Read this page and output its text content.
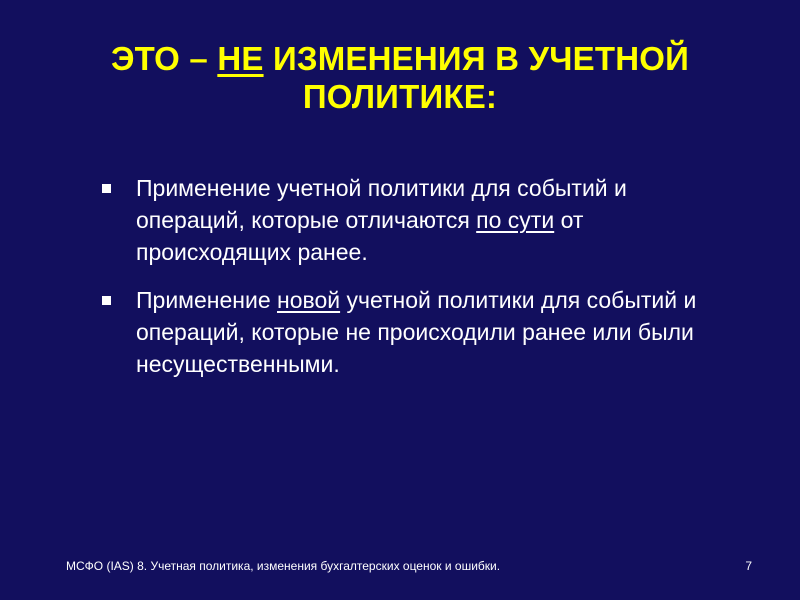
ЭТО – НЕ ИЗМЕНЕНИЯ В УЧЕТНОЙ ПОЛИТИКЕ:
Применение учетной политики для событий и операций, которые отличаются по сути от происходящих ранее.
Применение новой учетной политики для событий и операций, которые не происходили ранее или были несущественными.
МСФО (IAS) 8. Учетная политика, изменения бухгалтерских оценок и ошибки.	7
